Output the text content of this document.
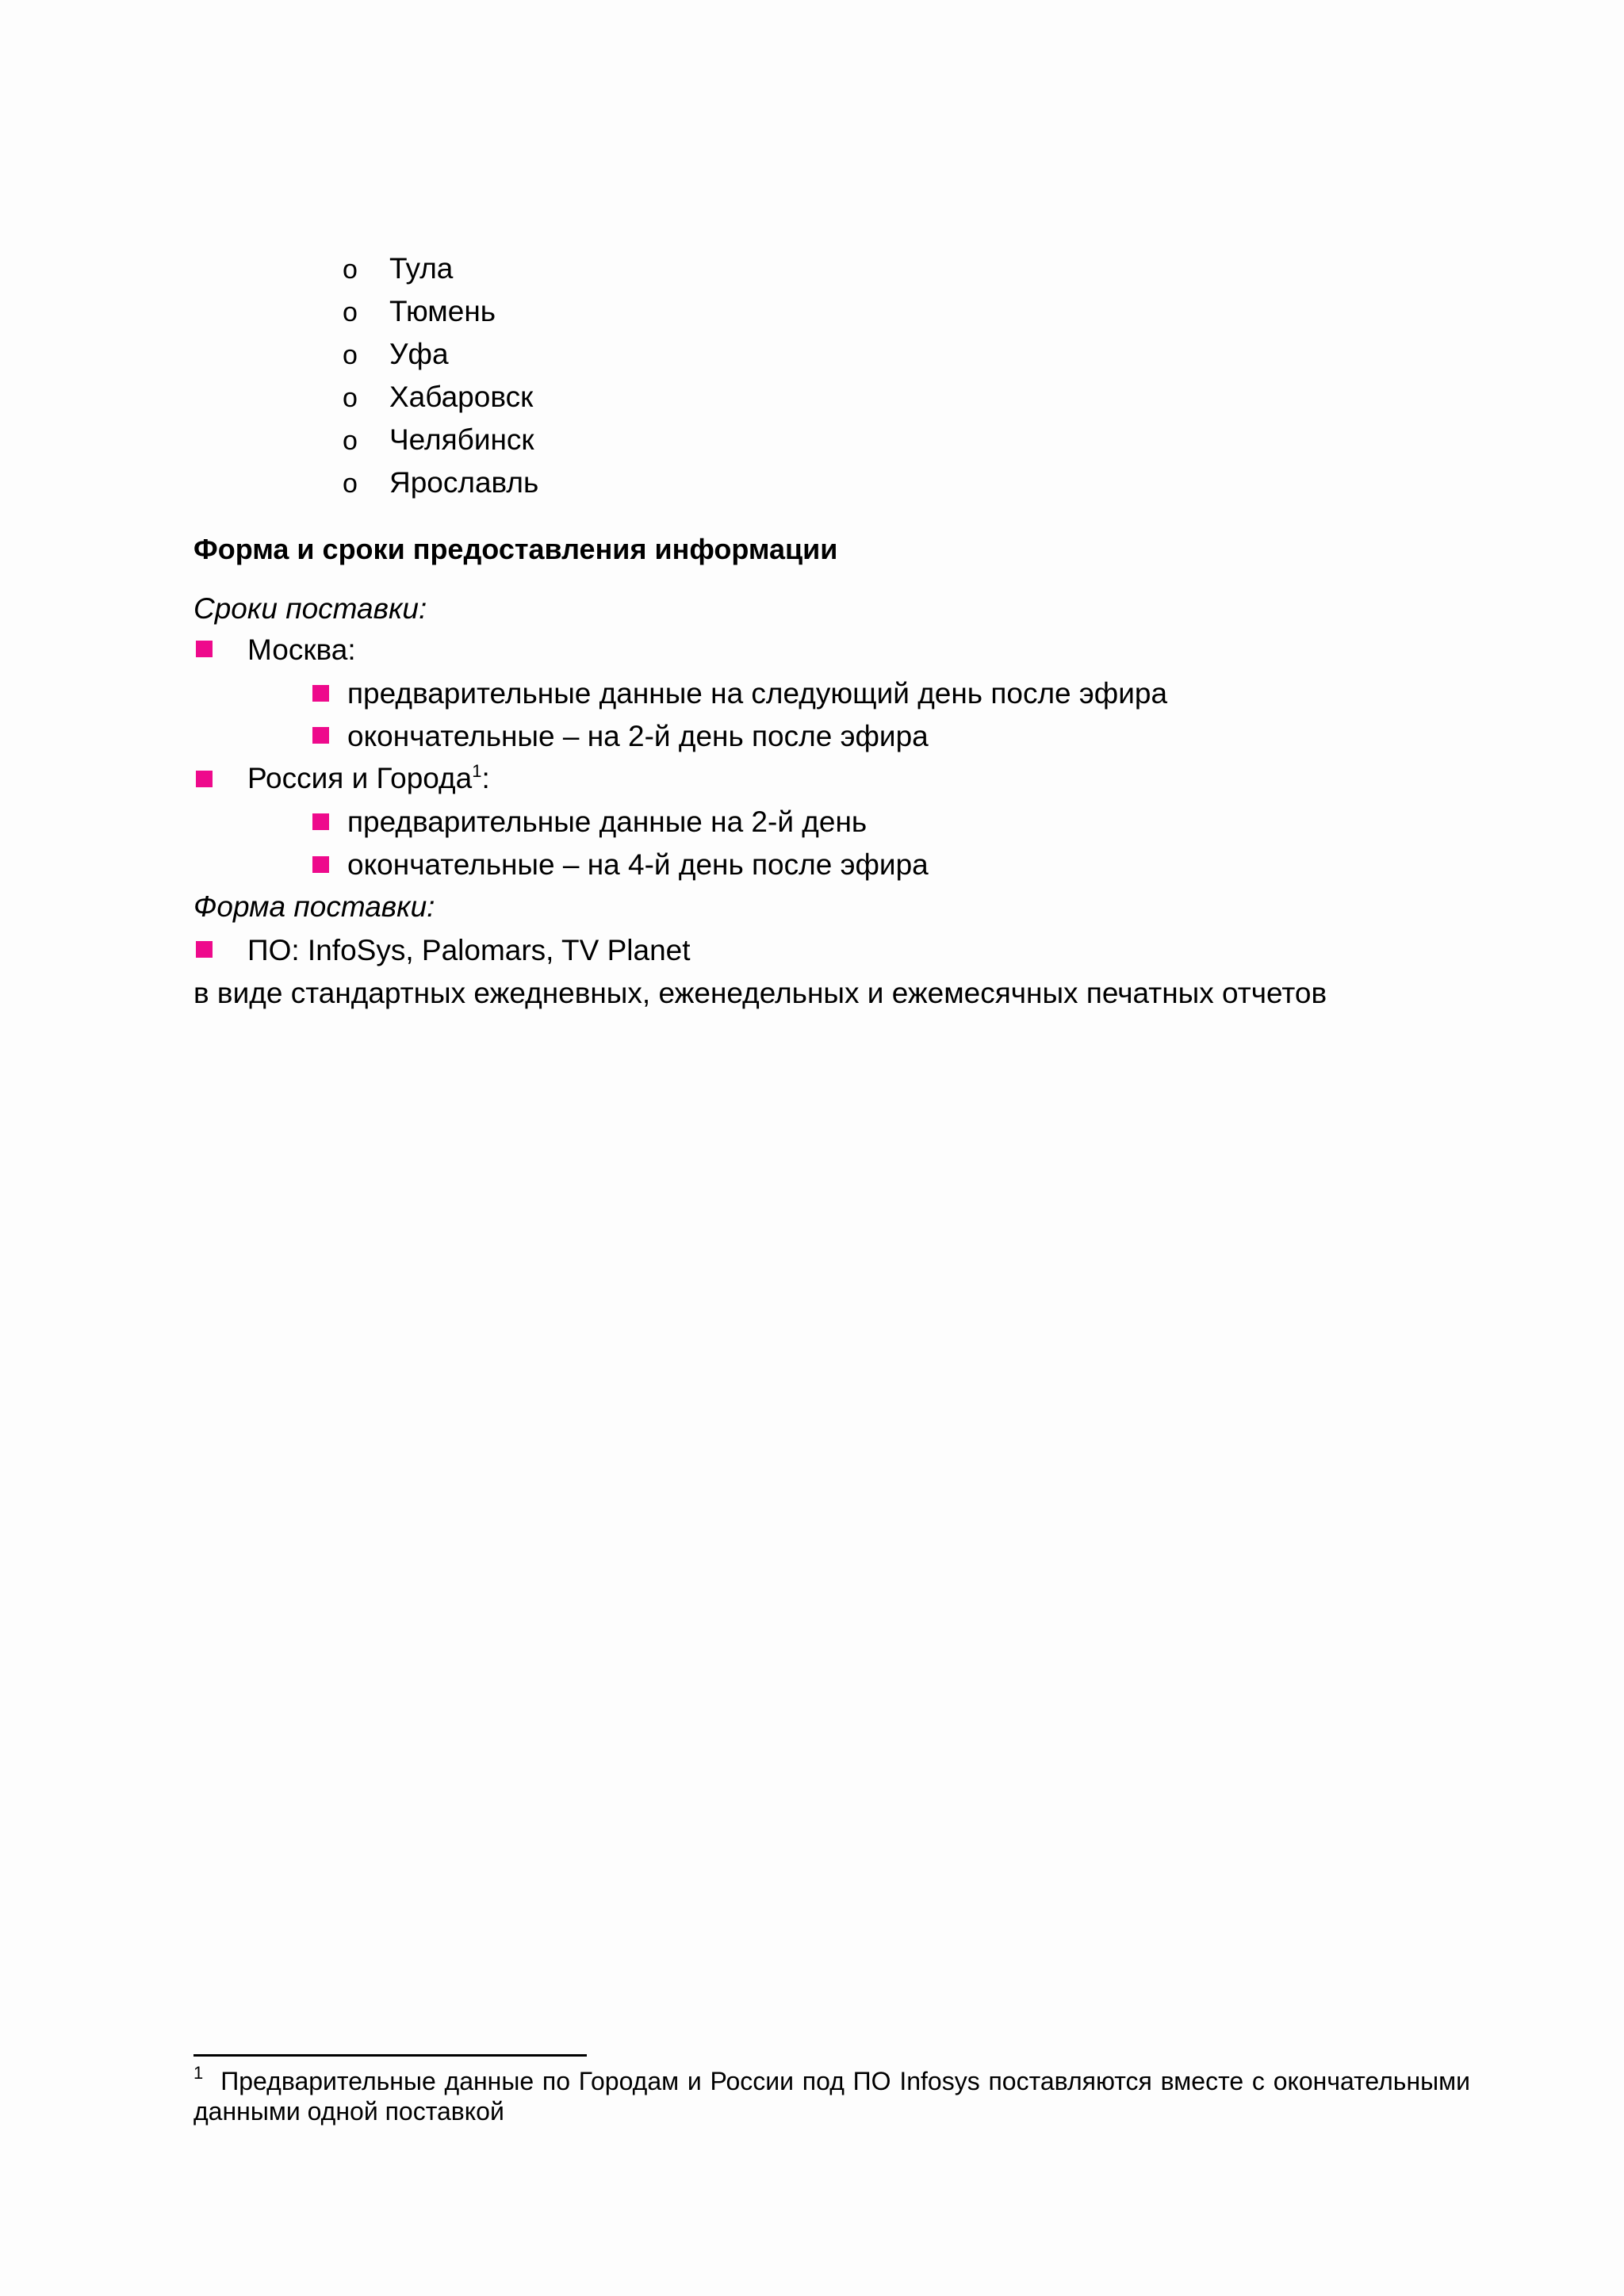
o Тула
o Тюмень
o Уфа
o Хабаровск
o Челябинск
o Ярославль
Форма и сроки предоставления информации
Сроки поставки:
Москва:
предварительные данные на следующий день после эфира
окончательные – на 2-й день после эфира
Россия и Города$^1$:
предварительные данные на 2-й день
окончательные – на 4-й день после эфира
Форма поставки:
ПО: InfoSys, Palomars, TV Planet
в виде стандартных ежедневных, еженедельных и ежемесячных печатных отчетов
$^1$ Предварительные данные по Городам и России под ПО Infosys поставляются вместе с окончательными данными одной поставкой
